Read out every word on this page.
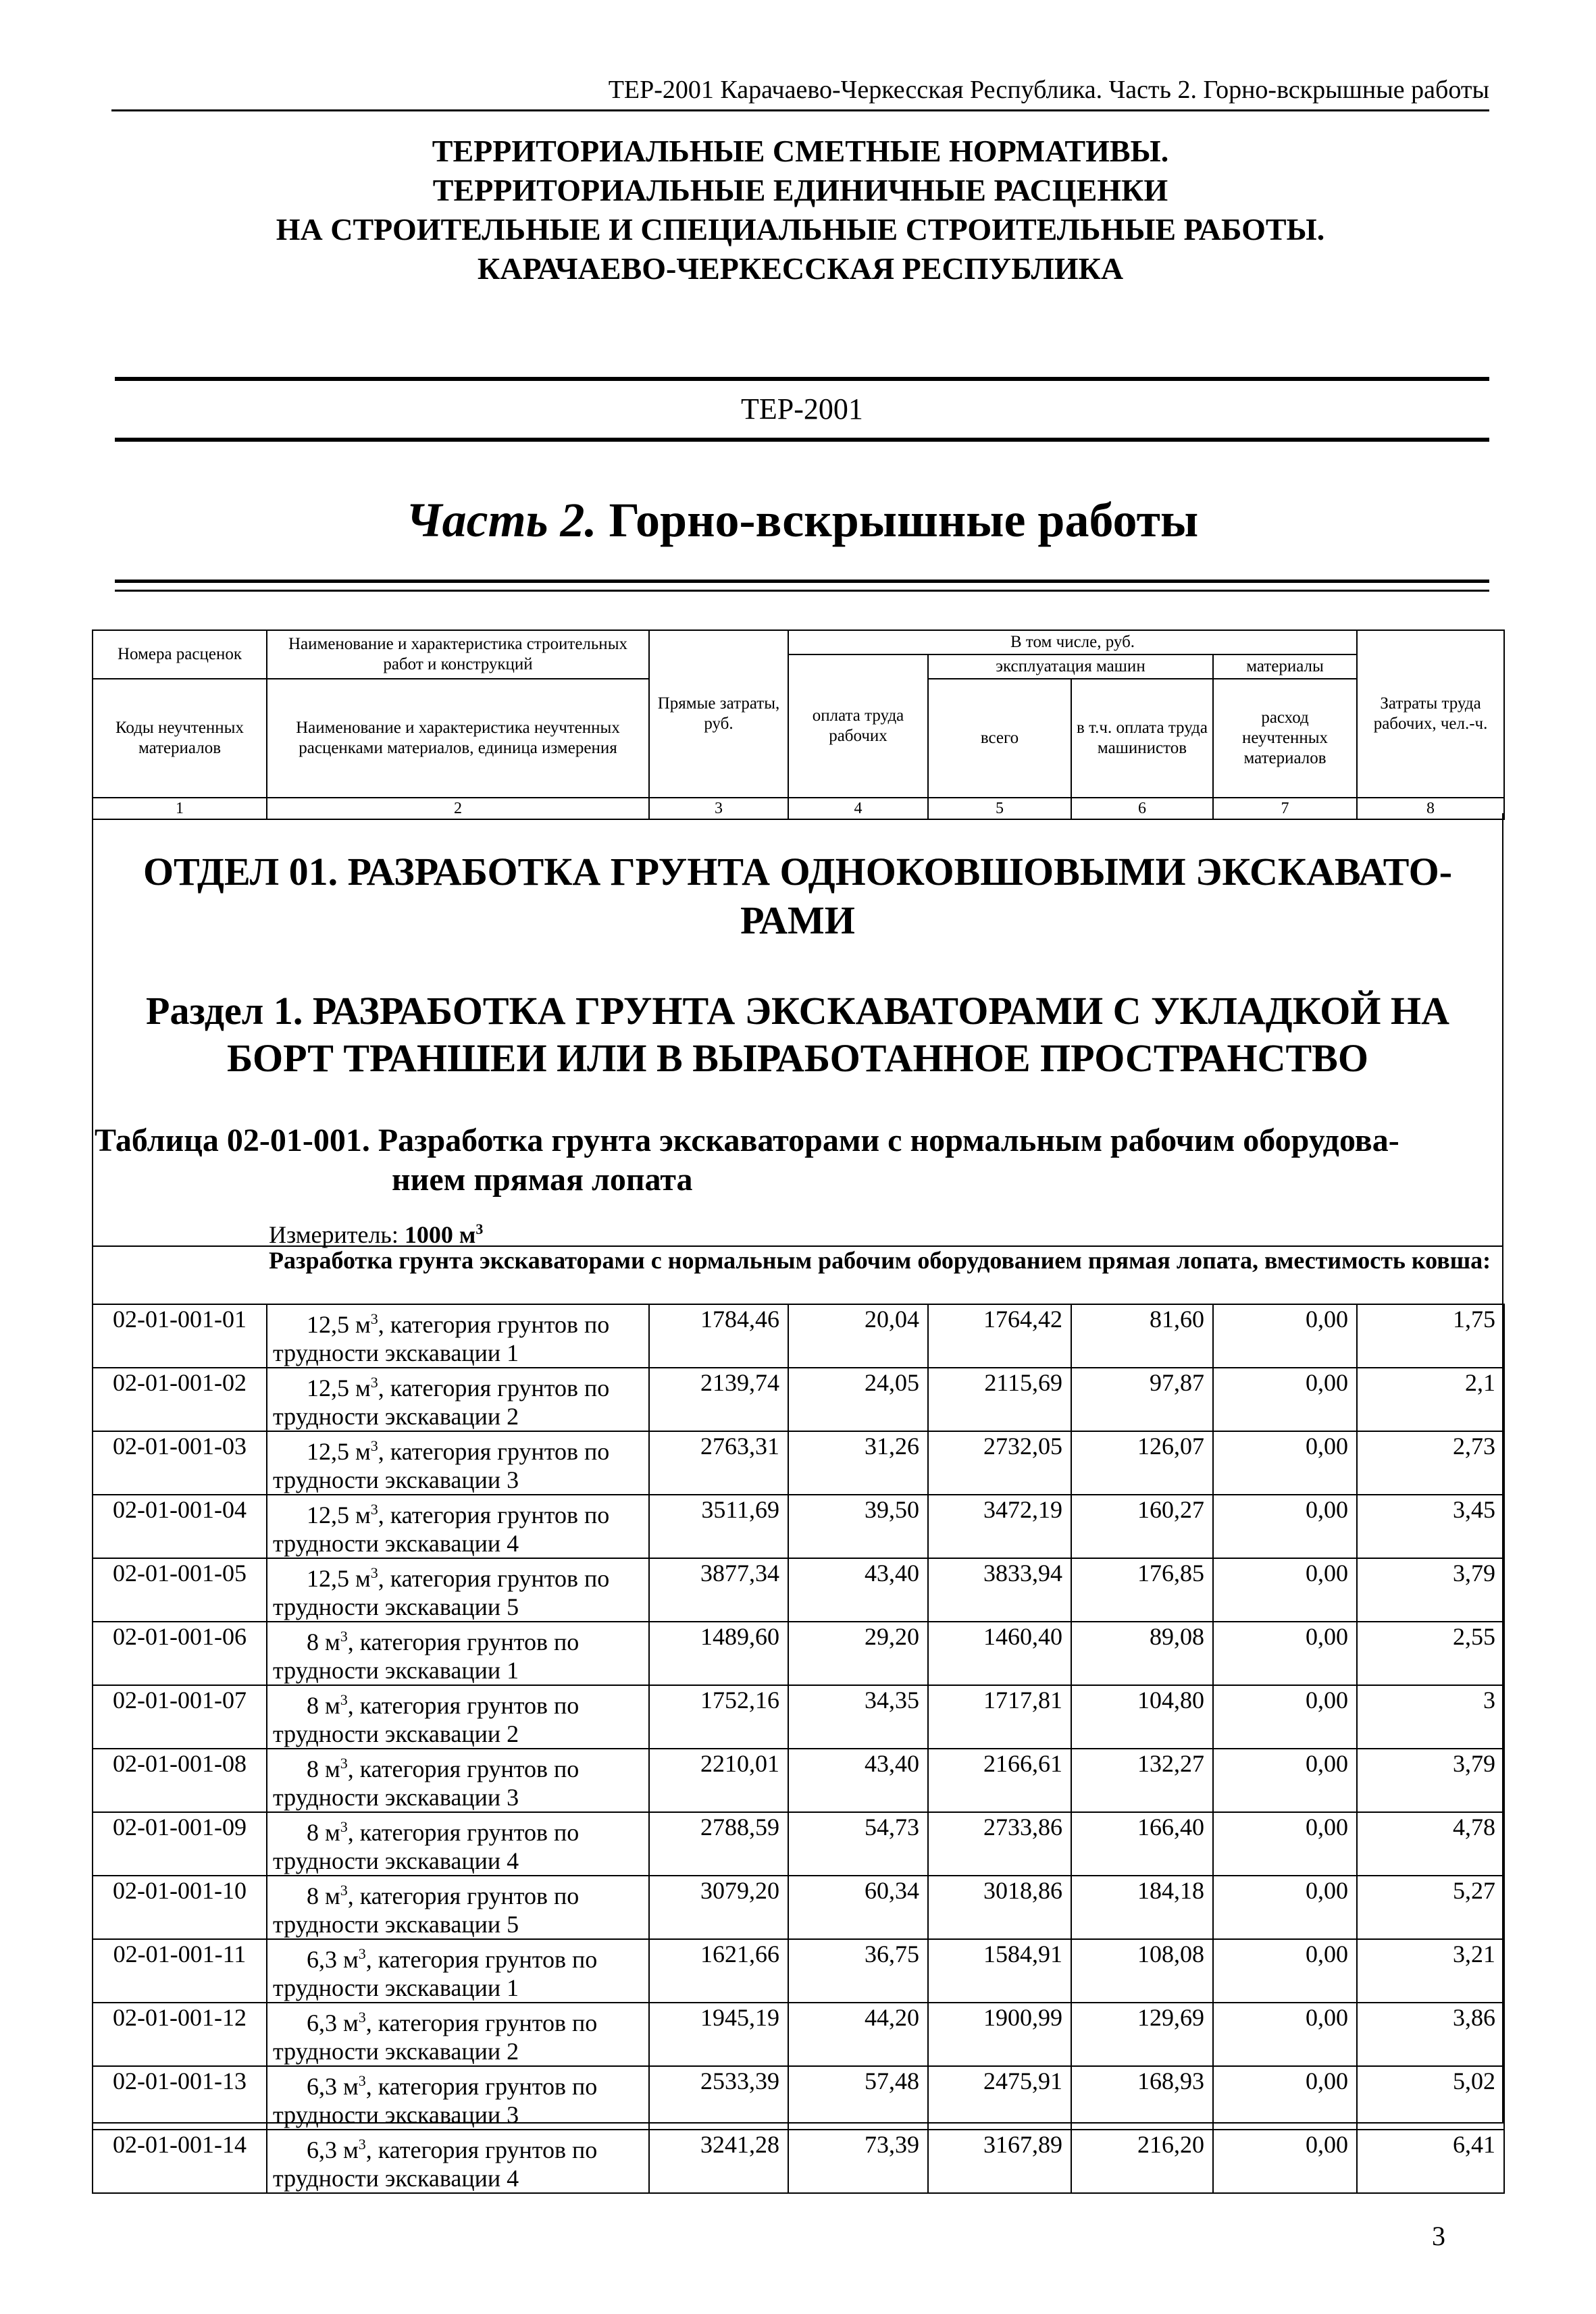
ТЕР-2001 Карачаево-Черкесская Республика. Часть 2. Горно-вскрышные работы
ТЕРРИТОРИАЛЬНЫЕ СМЕТНЫЕ НОРМАТИВЫ.
ТЕРРИТОРИАЛЬНЫЕ ЕДИНИЧНЫЕ РАСЦЕНКИ
НА СТРОИТЕЛЬНЫЕ И СПЕЦИАЛЬНЫЕ СТРОИТЕЛЬНЫЕ РАБОТЫ.
КАРАЧАЕВО-ЧЕРКЕССКАЯ РЕСПУБЛИКА
ТЕР-2001
Часть 2. Горно-вскрышные работы
Номера расценок	Наименование и характеристика строительных работ и конструкций	Прямые затраты, руб.	В том числе, руб.				Затраты труда рабочих, чел.-ч.
			оплата труда рабочих	эксплуатация машин		материалы	
Коды неучтенных материалов	Наименование и характеристика неучтенных расценками материалов, единица измерения			всего	в т.ч. оплата труда машинистов	расход неучтенных материалов	

1	2	3	4	5	6	7	8
ОТДЕЛ 01. РАЗРАБОТКА ГРУНТА ОДНОКОВШОВЫМИ ЭКСКАВАТО-
РАМИ
Раздел 1. РАЗРАБОТКА ГРУНТА ЭКСКАВАТОРАМИ С УКЛАДКОЙ НА
БОРТ ТРАНШЕИ ИЛИ В ВЫРАБОТАННОЕ ПРОСТРАНСТВО
Таблица 02-01-001. Разработка грунта экскаваторами с нормальным рабочим оборудова-
нием прямая лопата
Измеритель: 1000 $м^3$
Разработка грунта экскаваторами с нормальным рабочим оборудованием прямая лопата, вместимость ковша:
02-01-001-01	12,5 $м^3$, категория грунтов по
трудности экскавации 1	1784,46	20,04	1764,42	81,60	0,00	1,75
02-01-001-02	12,5 $м^3$, категория грунтов по
трудности экскавации 2	2139,74	24,05	2115,69	97,87	0,00	2,1
02-01-001-03	12,5 $м^3$, категория грунтов по
трудности экскавации 3	2763,31	31,26	2732,05	126,07	0,00	2,73
02-01-001-04	12,5 $м^3$, категория грунтов по
трудности экскавации 4	3511,69	39,50	3472,19	160,27	0,00	3,45
02-01-001-05	12,5 $м^3$, категория грунтов по
трудности экскавации 5	3877,34	43,40	3833,94	176,85	0,00	3,79
02-01-001-06	8 $м^3$, категория грунтов по
трудности экскавации 1	1489,60	29,20	1460,40	89,08	0,00	2,55
02-01-001-07	8 $м^3$, категория грунтов по
трудности экскавации 2	1752,16	34,35	1717,81	104,80	0,00	3
02-01-001-08	8 $м^3$, категория грунтов по
трудности экскавации 3	2210,01	43,40	2166,61	132,27	0,00	3,79
02-01-001-09	8 $м^3$, категория грунтов по
трудности экскавации 4	2788,59	54,73	2733,86	166,40	0,00	4,78
02-01-001-10	8 $м^3$, категория грунтов по
трудности экскавации 5	3079,20	60,34	3018,86	184,18	0,00	5,27
02-01-001-11	6,3 $м^3$, категория грунтов по
трудности экскавации 1	1621,66	36,75	1584,91	108,08	0,00	3,21
02-01-001-12	6,3 $м^3$, категория грунтов по
трудности экскавации 2	1945,19	44,20	1900,99	129,69	0,00	3,86
02-01-001-13	6,3 $м^3$, категория грунтов по
трудности экскавации 3	2533,39	57,48	2475,91	168,93	0,00	5,02
02-01-001-14	6,3 $м^3$, категория грунтов по
трудности экскавации 4	3241,28	73,39	3167,89	216,20	0,00	6,41
3
